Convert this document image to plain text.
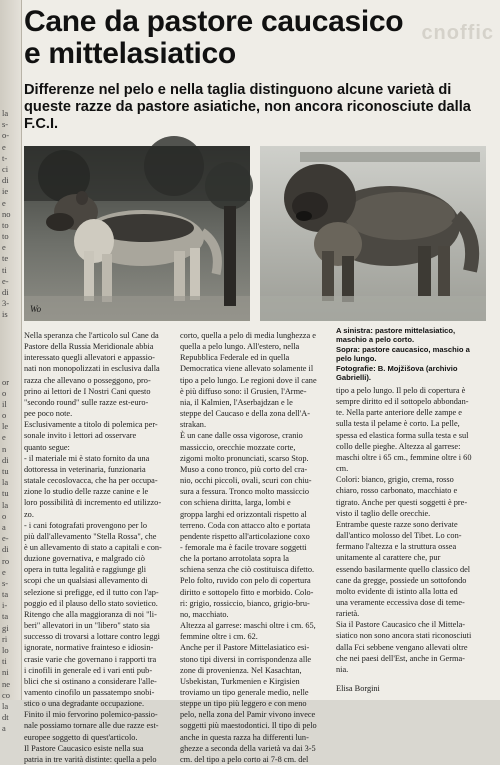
la
s-
o-
e
t-
ci
di
ie
e
no
to
to
e
te
ti
e-
di
3-
is
or
o
il
o
le
e
n
di
tu
la
tu
la
o
a
e-
di
ro
e
s-
ta
i-
ta
gi
ri
lo
ti
ni
ne
co
la
dt
a
cnoffic
Cane da pastore caucasico
e mittelasiatico
Differenze nel pelo e nella taglia distinguono alcune varietà di queste razze da pastore asiatiche, non ancora riconosciute dalla F.C.I.
Wo
A sinistra: pastore mittelasiatico,
maschio a pelo corto.
Sopra: pastore caucasico, maschio a
pelo lungo.
Fotografie: B. Mojžišova (archivio
Gabrielli).
Nella speranza che l'articolo sul Cane da
Pastore della Russia Meridionale abbia
interessato quegli allevatori e appassio-
nati non monopolizzati in esclusiva dalla
razza che allevano o posseggono, pro-
prino ai lettori de I Nostri Cani questo
"secondo round" sulle razze est-euro-
pee poco note.
Esclusivamente a titolo di polemica per-
sonale invito i lettori ad osservare
quanto segue:
- il materiale mi è stato fornito da una
dottoressa in veterinaria, funzionaria
statale cecoslovacca, che ha per occupa-
zione lo studio delle razze canine e le
loro possibilità di incremento ed utilizzo-
zo.
- i cani fotografati provengono per lo
più dall'allevamento "Stella Rossa", che
è un allevamento di stato a capitali e con-
duzione governativa, e malgrado ciò
opera in tutta legalità e raggiunge gli
scopi che un qualsiasi allevamento di
selezione si prefigge, ed il tutto con l'ap-
poggio ed il plauso dello stato sovietico.
Ritengo che alla maggioranza di noi "li-
beri" allevatori in un "libero" stato sia
successo di trovarsi a lottare contro leggi
ignorate, normative frainteso e idiosin-
crasie varie che governano i rapporti tra
i cinofili in generale ed i vari enti pub-
blici che si ostinano a considerare l'alle-
vamento cinofilo un passatempo snobi-
stico o una degradante occupazione.
Finito il mio fervorino polemico-passio-
nale possiamo tornare alle due razze est-
europee soggetto di quest'articolo.
Il Pastore Caucasico esiste nella sua
patria in tre varità distinte: quella a pelo
corto, quella a pelo di media lunghezza e
quella a pelo lungo. All'estero, nella
Repubblica Federale ed in quella
Democratica viene allevato solamente il
tipo a pelo lungo. Le regioni dove il cane
è più diffuso sono: il Grusien, l'Arme-
nia, il Kalmien, l'Aserbajdzan e le
steppe del Caucaso e della zona dell'A-
strakan.
È un cane dalle ossa vigorose, cranio
massiccio, orecchie mozzate corte,
zigomi molto pronunciati, scarso Stop.
Muso a cono tronco, più corto del cra-
nio, occhi piccoli, ovali, scuri con chiu-
sura a fessura. Tronco molto massiccio
con schiena diritta, larga, lombi e
groppa larghi ed orizzontali rispetto al
terreno. Coda con attacco alto e portata
pendente rispetto all'articolazione coxo
- femorale ma è facile trovare soggetti
che la portano arrotolata sopra la
schiena senza che ciò costituisca difetto.
Pelo folto, ruvido con pelo di copertura
diritto e sottopelo fitto e morbido. Colo-
ri: grigio, rossiccio, bianco, grigio-bru-
no, macchiato.
Altezza al garrese: maschi oltre i cm. 65,
femmine oltre i cm. 62.
Anche per il Pastore Mittelasiatico esi-
stono tipi diversi in corrispondenza alle
zone di provenienza. Nel Kasachtan,
Usbekistan, Turkmenien e Kirgisien
troviamo un tipo generale medio, nelle
steppe un tipo più leggero e con meno
pelo, nella zona del Pamir vivono invece
soggetti più maestodontici. Il tipo di pelo
anche in questa razza ha differenti lun-
ghezze a seconda della varietà va dai 3-5
cm. del tipo a pelo corto ai 7-8 cm. del
tipo a pelo lungo. Il pelo di copertura è
sempre diritto ed il sottopelo abbondan-
te. Nella parte anteriore delle zampe e
sulla testa il pelame è corto. La pelle,
spessa ed elastica forma sulla testa e sul
collo delle pieghe. Altezza al garrese:
maschi oltre i 65 cm., femmine oltre i 60
cm.
Colori: bianco, grigio, crema, rosso
chiaro, rosso carbonato, macchiato e
tigrato. Anche per questi soggetti è pre-
visto il taglio delle orecchie.
Entrambe queste razze sono derivate
dall'antico molosso del Tibet. Lo con-
fermano l'altezza e la struttura ossea
unitamente al carattere che, pur
essendo basilarmente quello classico del
cane da gregge, possiede un sottofondo
molto evidente di istinto alla lotta ed
una veramente eccessiva dose di teme-
rarietà.
Sia il Pastore Caucasico che il Mittela-
siatico non sono ancora stati riconosciuti
dalla Fci sebbene vengano allevati oltre
che nei paesi dell'Est, anche in Germa-
nia.
Elisa Borgini
